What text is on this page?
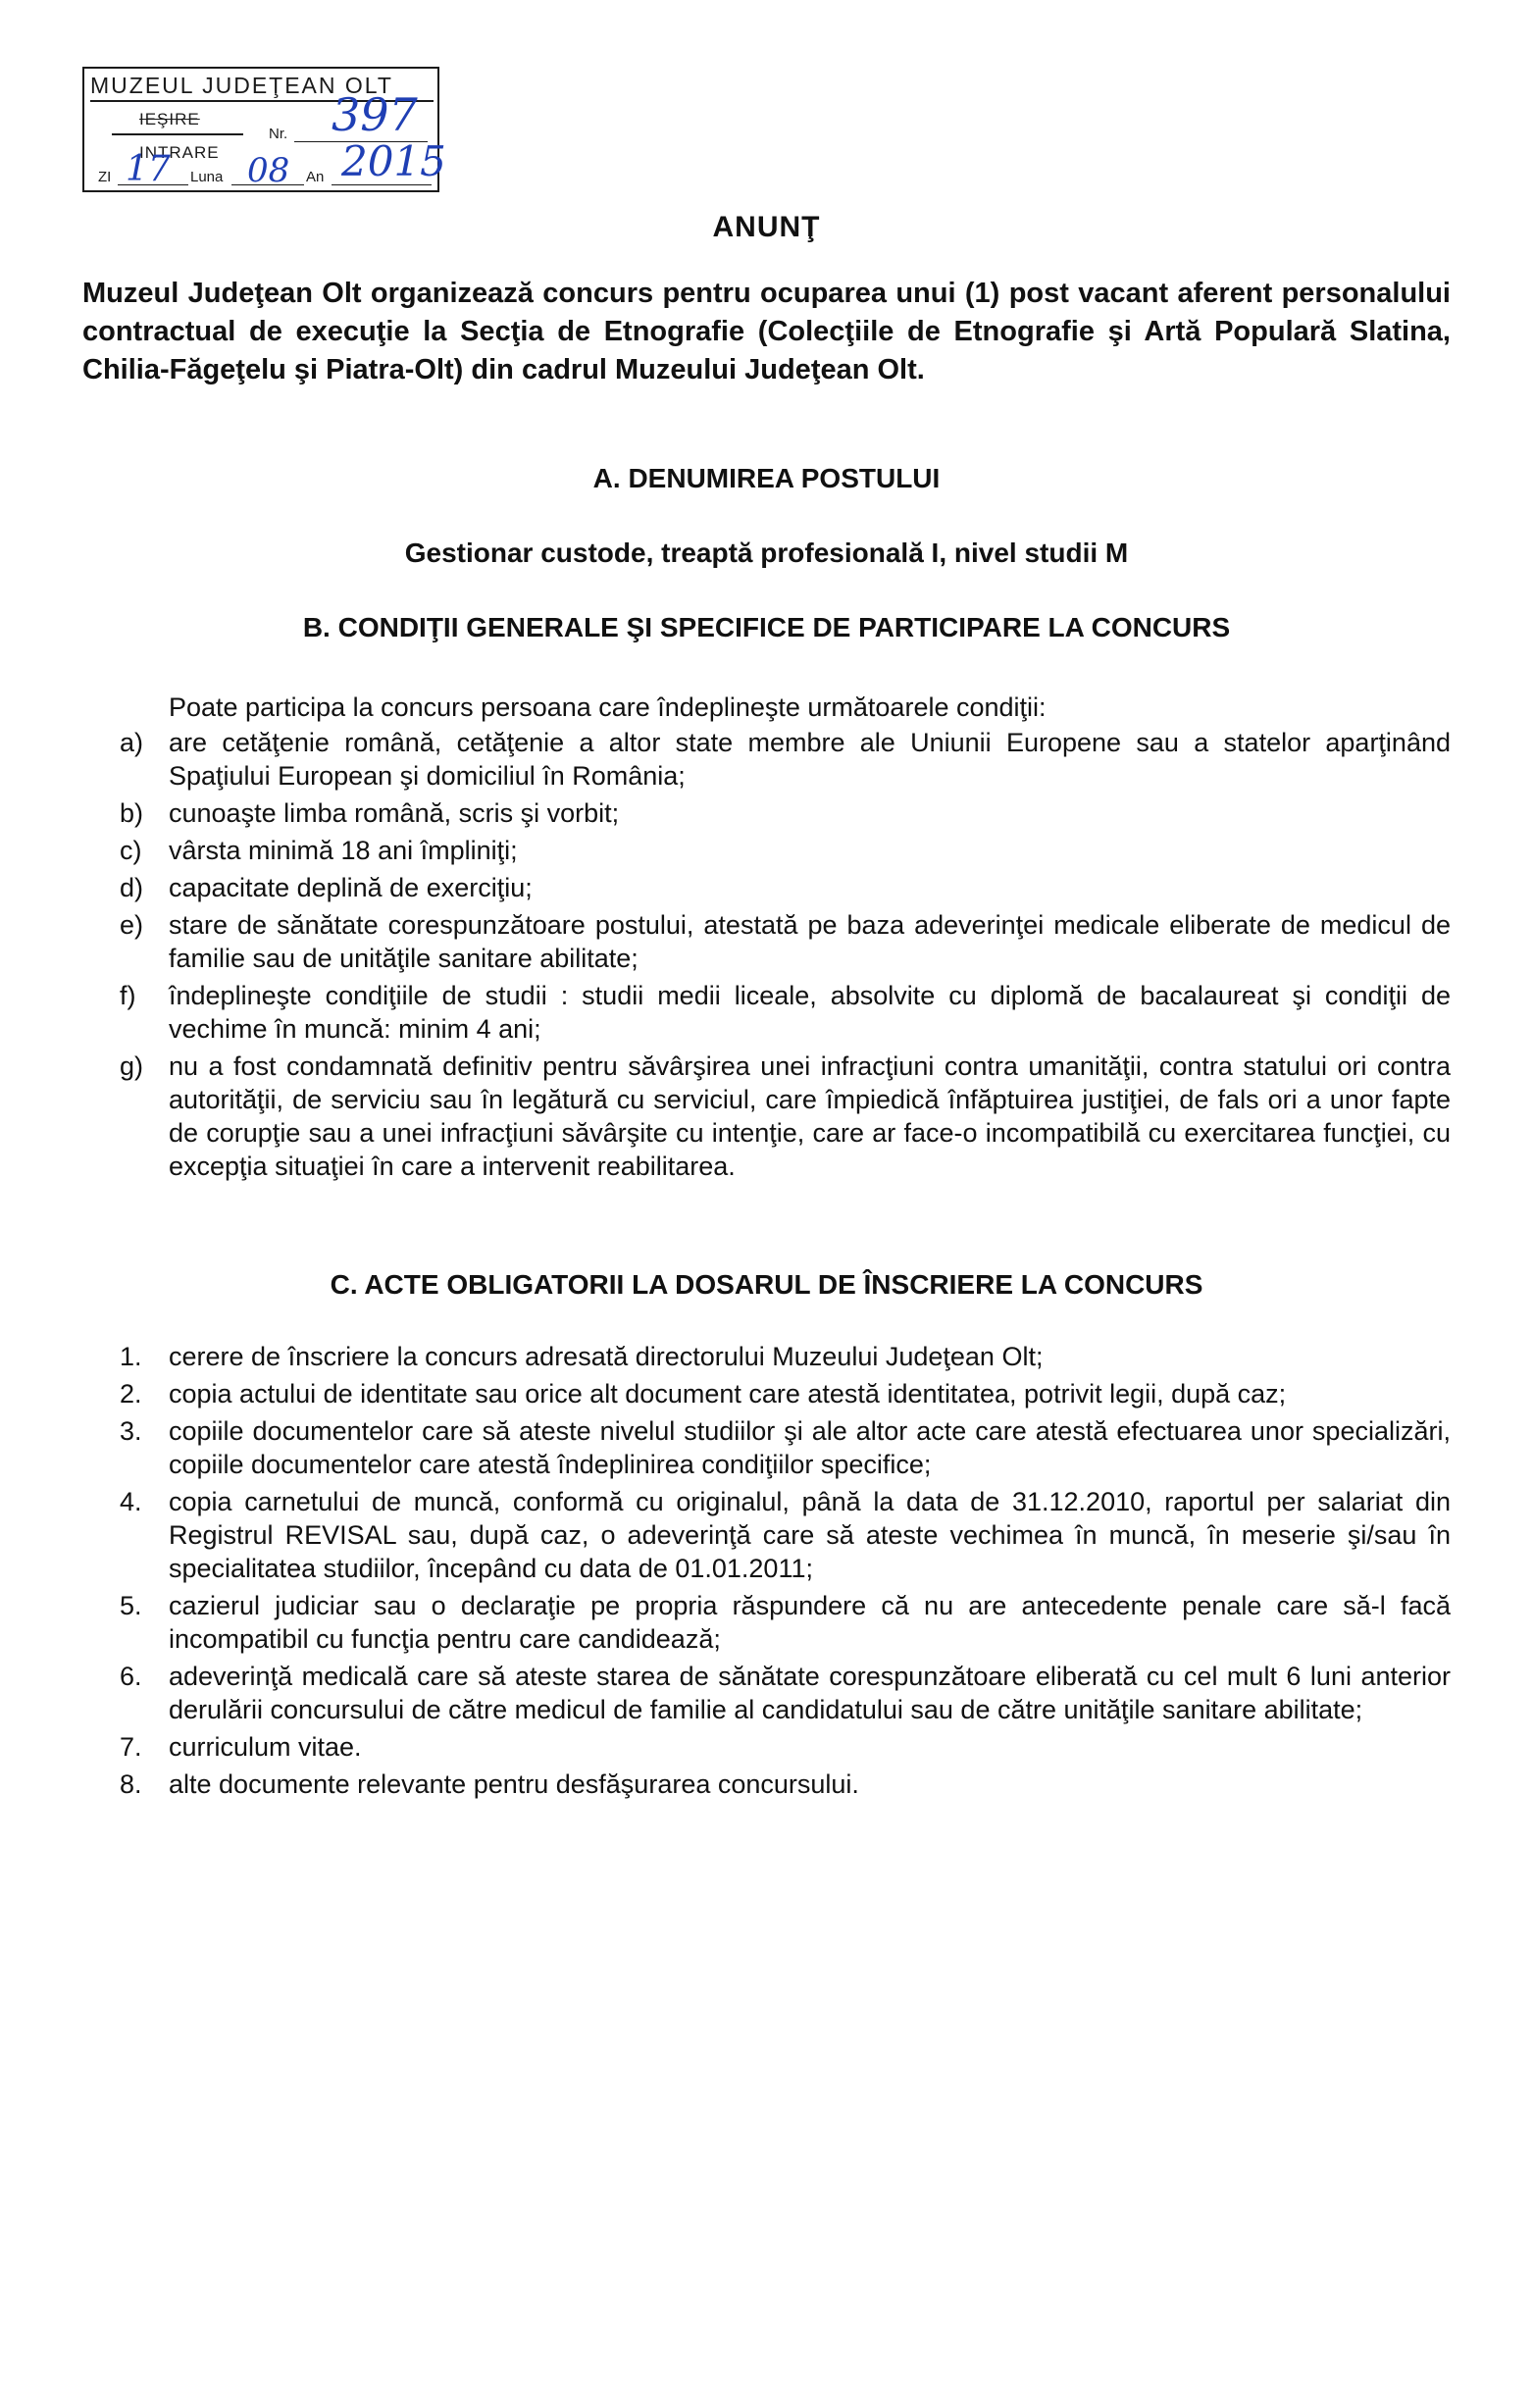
MUZEUL JUDEŢEAN OLT
IEŞIRE
Nr. 397
INTRARE
ZI 17 Luna 08 An 2015
ANUNŢ
Muzeul Judeţean Olt organizează concurs pentru ocuparea unui (1) post vacant aferent personalului contractual de execuţie la Secţia de Etnografie (Colecţiile de Etnografie şi Artă Populară Slatina, Chilia-Făgeţelu şi Piatra-Olt) din cadrul Muzeului Judeţean Olt.
A. DENUMIREA POSTULUI
Gestionar custode, treaptă profesională I, nivel studii M
B. CONDIŢII GENERALE ŞI SPECIFICE DE PARTICIPARE LA CONCURS
Poate participa la concurs persoana care îndeplineşte următoarele condiţii:
a) are cetăţenie română, cetăţenie a altor state membre ale Uniunii Europene sau a statelor aparţinând Spaţiului European şi domiciliul în România;
b) cunoaşte limba română, scris şi vorbit;
c)	vârsta minimă 18 ani împliniţi;
d) capacitate deplină de exerciţiu;
e) stare de sănătate corespunzătoare postului, atestată pe baza adeverinţei medicale eliberate de medicul de familie sau de unităţile sanitare abilitate;
f)	îndeplineşte condiţiile de studii : studii medii liceale, absolvite cu diplomă de bacalaureat şi condiţii de vechime în muncă: minim 4 ani;
g) nu a fost condamnată definitiv pentru săvârşirea unei infracţiuni contra umanităţii, contra statului ori contra autorităţii, de serviciu sau în legătură cu serviciul, care împiedică înfăptuirea justiţiei, de fals ori a unor fapte de corupţie sau a unei infracţiuni săvârşite cu intenţie, care ar face-o incompatibilă cu exercitarea funcţiei, cu excepţia situaţiei în care a intervenit reabilitarea.
C. ACTE OBLIGATORII LA DOSARUL DE ÎNSCRIERE LA CONCURS
1.	cerere de înscriere la concurs adresată directorului Muzeului Judeţean Olt;
2.	copia actului de identitate sau orice alt document care atestă identitatea, potrivit legii, după caz;
3.	copiile documentelor care să ateste nivelul studiilor şi ale altor acte care atestă efectuarea unor specializări, copiile documentelor care atestă îndeplinirea condiţiilor specifice;
4.	copia carnetului de muncă, conformă cu originalul, până la data de 31.12.2010, raportul per salariat din Registrul REVISAL sau, după caz, o adeverinţă care să ateste vechimea în muncă, în meserie şi/sau în specialitatea studiilor, începând cu data de 01.01.2011;
5.	cazierul judiciar sau o declaraţie pe propria răspundere că nu are antecedente penale care să-l facă incompatibil cu funcţia pentru care candidează;
6.	adeverinţă medicală care să ateste starea de sănătate corespunzătoare eliberată cu cel mult 6 luni anterior derulării concursului de către medicul de familie al candidatului sau de către unităţile sanitare abilitate;
7.	curriculum vitae.
8.	alte documente relevante pentru desfăşurarea concursului.
